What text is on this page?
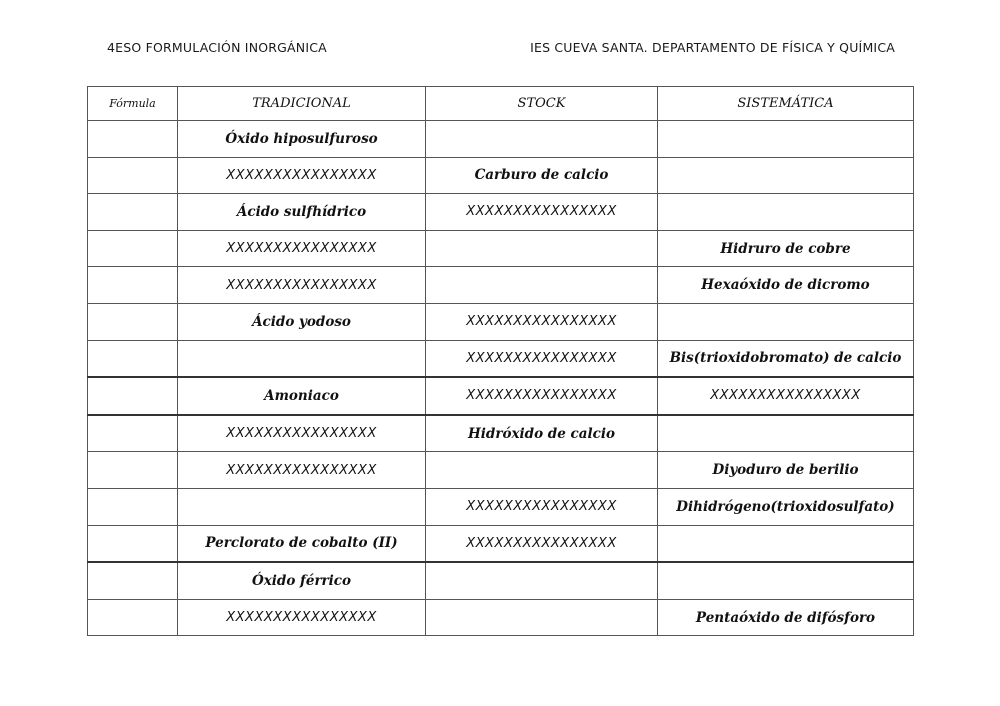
4ESO FORMULACIÓN INORGÁNICA	IES CUEVA SANTA. DEPARTAMENTO DE FÍSICA Y QUÍMICA
Fórmula	TRADICIONAL	STOCK	SISTEMÁTICA
	Óxido hiposulfuroso		
	XXXXXXXXXXXXXXXX	Carburo de calcio	
	Ácido sulfhídrico	XXXXXXXXXXXXXXXX	
	XXXXXXXXXXXXXXXX		Hidruro de cobre
	XXXXXXXXXXXXXXXX		Hexaóxido de dicromo
	Ácido yodoso	XXXXXXXXXXXXXXXX	
		XXXXXXXXXXXXXXXX	Bis(trioxidobromato) de calcio
	Amoniaco	XXXXXXXXXXXXXXXX	XXXXXXXXXXXXXXXX
	XXXXXXXXXXXXXXXX	Hidróxido de calcio	
	XXXXXXXXXXXXXXXX		Diyoduro de berilio
		XXXXXXXXXXXXXXXX	Dihidrógeno(trioxidosulfato)
	Perclorato de cobalto (II)	XXXXXXXXXXXXXXXX	
	Óxido férrico		
	XXXXXXXXXXXXXXXX		Pentaóxido de difósforo
